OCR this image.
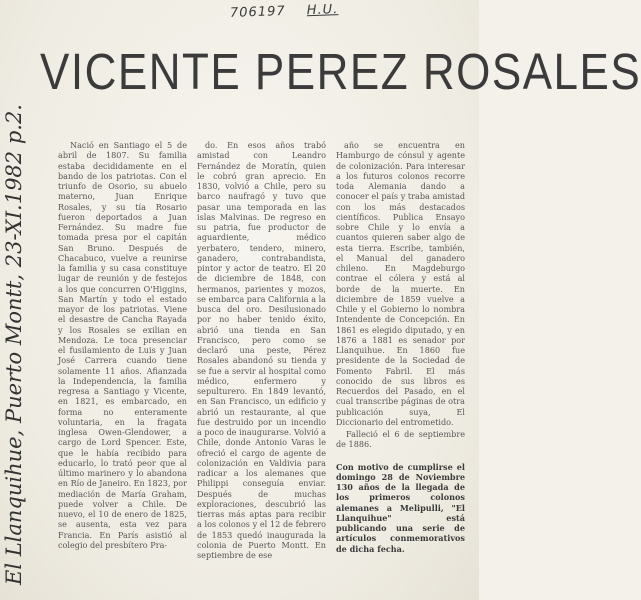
706197 H.U.
VICENTE PEREZ ROSALES
El Llanquihue, Puerto Montt, 23-XI.1982 p.2.	Nació en Santiago el 5 de abril de 1807. Su familia estaba decididamente en el bando de los patriotas. Con el triunfo de Osorio, su abuelo materno, Juan Enrique Rosales, y su tía Rosario fueron deportados a Juan Fernández. Su madre fue tomada presa por el capitán San Bruno. Después de Chacabuco, vuelve a reunirse la familia y su casa constituye lugar de reunión y de festejos a los que concurren O'Higgins, San Martín y todo el estado mayor de los patriotas. Viene el desastre de Cancha Rayada y los Rosales se exilian en Mendoza. Le toca presenciar el fusilamiento de Luis y Juan José Carrera cuando tiene solamente 11 años. Afianzada la Independencia, la familia regresa a Santiago y Vicente, en 1821, es embarcado, en forma no enteramente voluntaria, en la fragata inglesa Owen-Glendower, a cargo de Lord Spencer. Este, que le había recibido para educarlo, lo trató peor que al último marinero y lo abandona en Río de Janeiro. En 1823, por mediación de María Graham, puede volver a Chile. De nuevo, el 10 de enero de 1825, se ausenta, esta vez para Francia. En París asistió al colegio del presbítero Pra-

do. En esos años trabó amistad con Leandro Fernández de Moratín, quien le cobró gran aprecio. En 1830, volvió a Chile, pero su barco naufragó y tuvo que pasar una temporada en las islas Malvinas. De regreso en su patria, fue productor de aguardiente, médico yerbatero, tendero, minero, ganadero, contrabandista, pintor y actor de teatro. El 20 de diciembre de 1848, con hermanos, parientes y mozos, se embarca para California a la busca del oro. Desilusionado por no haber tenido éxito, abrió una tienda en San Francisco, pero como se declaró una peste, Pérez Rosales abandonó su tienda y se fue a servir al hospital como médico, enfermero y sepulturero. En 1849 levantó, en San Francisco, un edificio y abrió un restaurante, al que fue destruido por un incendio a poco de inaugurarse. Volvió a Chile, donde Antonio Varas le ofreció el cargo de agente de colonización en Valdivia para radicar a los alemanes que Philippi conseguía enviar. Después de muchas exploraciones, descubrió las tierras más aptas para recibir a los colonos y el 12 de febrero de 1853 quedó inaugurada la colonia de Puerto Montt. En septiembre de ese

año se encuentra en Hamburgo de cónsul y agente de colonización. Para interesar a los futuros colonos recorre toda Alemania dando a conocer el país y traba amistad con los más destacados científicos. Publica Ensayo sobre Chile y lo envía a cuantos quieren saber algo de esta tierra. Escribe, también, el Manual del ganadero chileno. En Magdeburgo contrae el cólera y está al borde de la muerte. En diciembre de 1859 vuelve a Chile y el Gobierno lo nombra Intendente de Concepción. En 1861 es elegido diputado, y en 1876 a 1881 es senador por Llanquihue. En 1860 fue presidente de la Sociedad de Fomento Fabril. El más conocido de sus libros es Recuerdos del Pasado, en el cual transcribe páginas de otra publicación suya, El Diccionario del entrometido.

Falleció el 6 de septiembre de 1886.

Con motivo de cumplirse el domingo 28 de Noviembre 130 años de la llegada de los primeros colonos alemanes a Melipulli, "El Llanquihue" está publicando una serie de artículos conmemorativos de dicha fecha.
